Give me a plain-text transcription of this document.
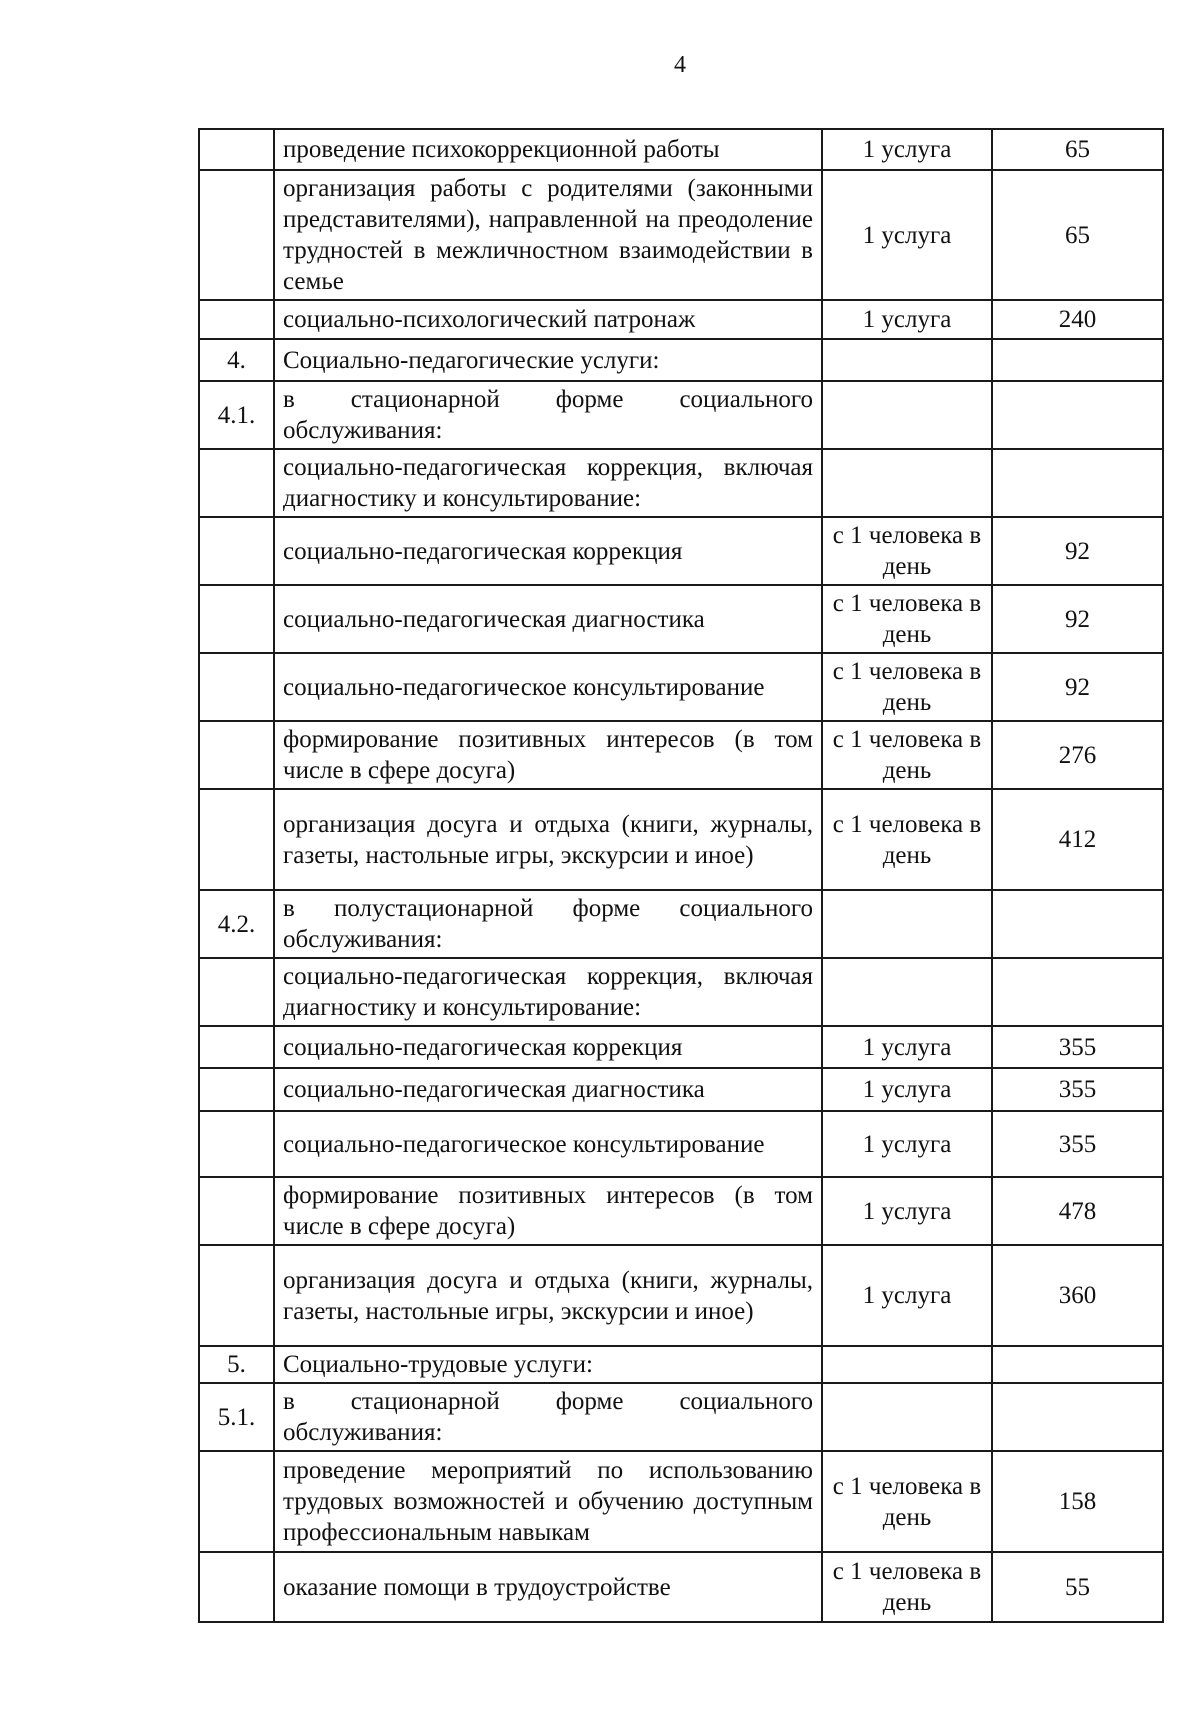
4
	проведение психокоррекционной работы	1 услуга	65
	организация работы с родителями (законными представителями), направленной на преодоление трудностей в межличностном взаимодействии в семье	1 услуга	65
	социально-психологический патронаж	1 услуга	240
4.	Социально-педагогические услуги:		
4.1.	в стационарной форме социального обслуживания:		
	социально-педагогическая коррекция, включая диагностику и консультирование:		
	социально-педагогическая коррекция	с 1 человека в день	92
	социально-педагогическая диагностика	с 1 человека в день	92
	социально-педагогическое консультирование	с 1 человека в день	92
	формирование позитивных интересов (в том числе в сфере досуга)	с 1 человека в день	276
	организация досуга и отдыха (книги, журналы, газеты, настольные игры, экскурсии и иное)	с 1 человека в день	412
4.2.	в полустационарной форме социального обслуживания:		
	социально-педагогическая коррекция, включая диагностику и консультирование:		
	социально-педагогическая коррекция	1 услуга	355
	социально-педагогическая диагностика	1 услуга	355
	социально-педагогическое консультирование	1 услуга	355
	формирование позитивных интересов (в том числе в сфере досуга)	1 услуга	478
	организация досуга и отдыха (книги, журналы, газеты, настольные игры, экскурсии и иное)	1 услуга	360
5.	Социально-трудовые услуги:		
5.1.	в стационарной форме социального обслуживания:		
	проведение мероприятий по использованию трудовых возможностей и обучению доступным профессиональным навыкам	с 1 человека в день	158
	оказание помощи в трудоустройстве	с 1 человека в день	55
